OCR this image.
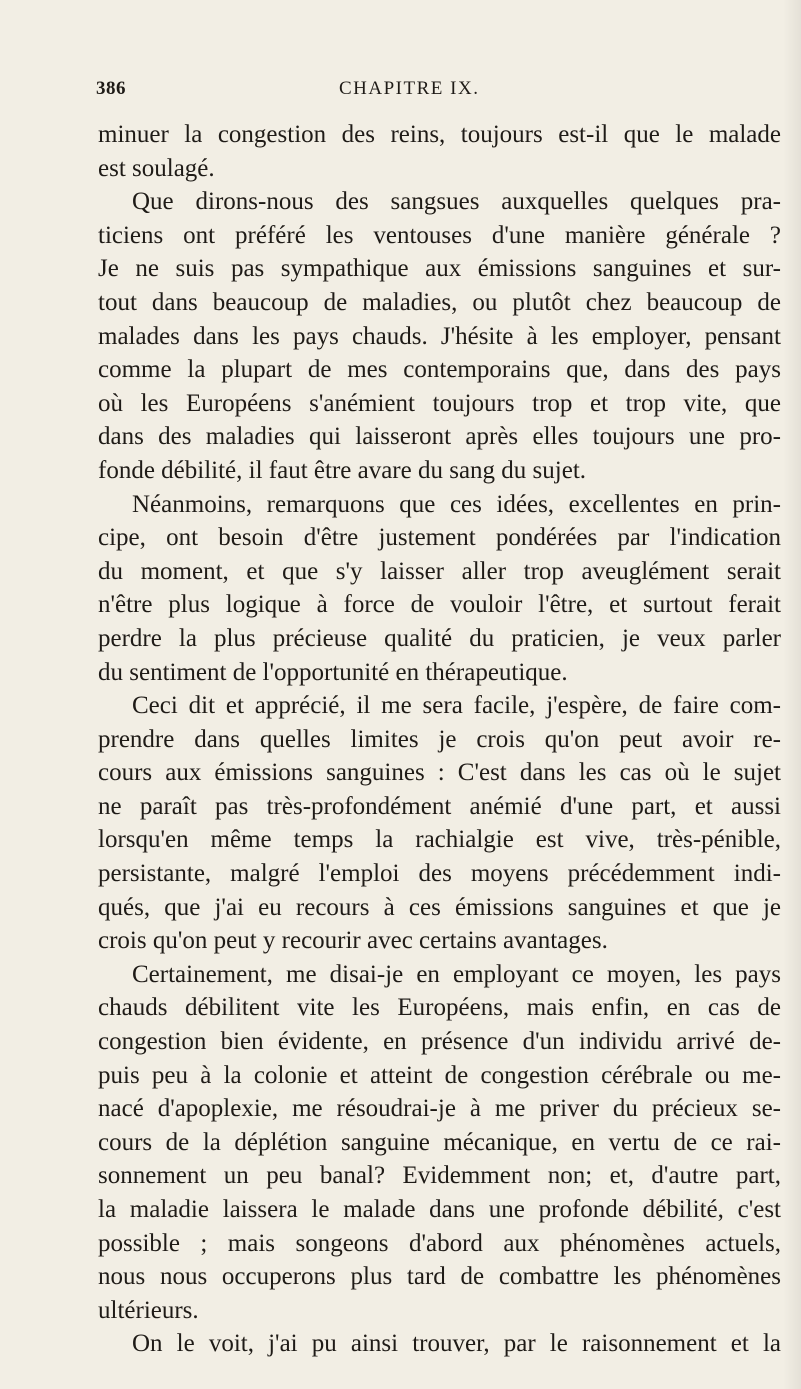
386	CHAPITRE IX.
minuer la congestion des reins, toujours est-il que le malade
est soulagé.
Que dirons-nous des sangsues auxquelles quelques pra-
ticiens ont préféré les ventouses d'une manière générale ?
Je ne suis pas sympathique aux émissions sanguines et sur-
tout dans beaucoup de maladies, ou plutôt chez beaucoup de
malades dans les pays chauds. J'hésite à les employer, pensant
comme la plupart de mes contemporains que, dans des pays
où les Européens s'anémient toujours trop et trop vite, que
dans des maladies qui laisseront après elles toujours une pro-
fonde débilité, il faut être avare du sang du sujet.
Néanmoins, remarquons que ces idées, excellentes en prin-
cipe, ont besoin d'être justement pondérées par l'indication
du moment, et que s'y laisser aller trop aveuglément serait
n'être plus logique à force de vouloir l'être, et surtout ferait
perdre la plus précieuse qualité du praticien, je veux parler
du sentiment de l'opportunité en thérapeutique.
Ceci dit et apprécié, il me sera facile, j'espère, de faire com-
prendre dans quelles limites je crois qu'on peut avoir re-
cours aux émissions sanguines : C'est dans les cas où le sujet
ne paraît pas très-profondément anémié d'une part, et aussi
lorsqu'en même temps la rachialgie est vive, très-pénible,
persistante, malgré l'emploi des moyens précédemment indi-
qués, que j'ai eu recours à ces émissions sanguines et que je
crois qu'on peut y recourir avec certains avantages.
Certainement, me disai-je en employant ce moyen, les pays
chauds débilitent vite les Européens, mais enfin, en cas de
congestion bien évidente, en présence d'un individu arrivé de-
puis peu à la colonie et atteint de congestion cérébrale ou me-
nacé d'apoplexie, me résoudrai-je à me priver du précieux se-
cours de la déplétion sanguine mécanique, en vertu de ce rai-
sonnement un peu banal? Evidemment non; et, d'autre part,
la maladie laissera le malade dans une profonde débilité, c'est
possible ; mais songeons d'abord aux phénomènes actuels,
nous nous occuperons plus tard de combattre les phénomènes
ultérieurs.
On le voit, j'ai pu ainsi trouver, par le raisonnement et la
